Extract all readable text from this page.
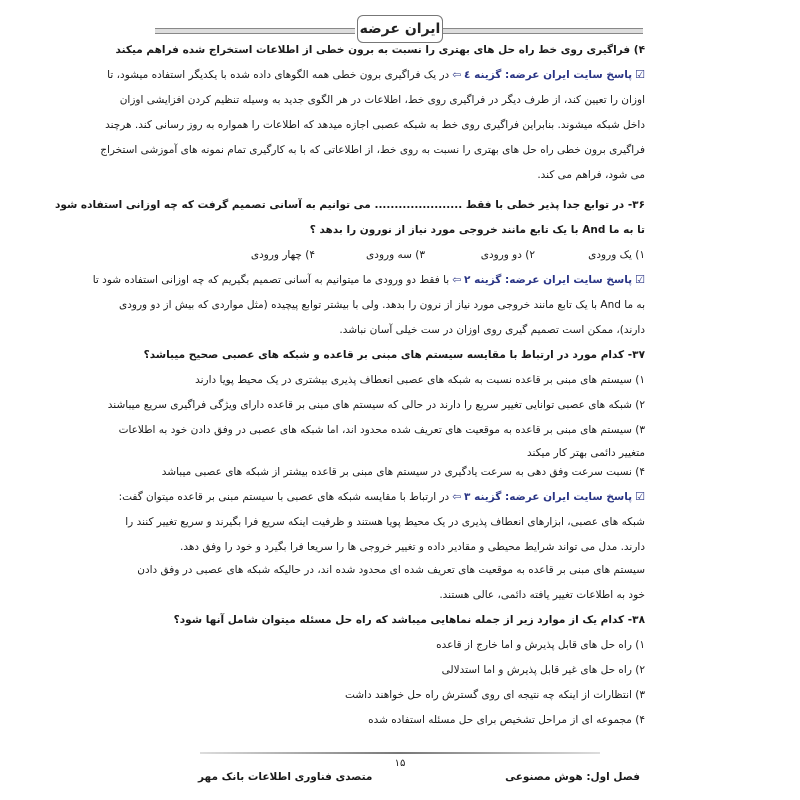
ایران عرضه
۴) فراگیری روی خط راه حل های بهتری را نسبت به برون خطی از اطلاعات استخراج شده فراهم میکند
☑پاسخ سایت ایران عرضه: گزینه ٤⇦در یک فراگیری برون خطی همه الگوهای داده شده با یکدیگر استفاده میشود، تا
اوزان را تعیین کند، از طرف دیگر در فراگیری روی خط، اطلاعات در هر الگوی جدید به وسیله تنظیم کردن افزایشی اوزان
داخل شبکه میشوند. بنابراین فراگیری روی خط به شبکه عصبی اجازه میدهد که اطلاعات را همواره به روز رسانی کند. هرچند
فراگیری برون خطی راه حل های بهتری را نسبت به روی خط، از اطلاعاتی که با به کارگیری تمام نمونه های آموزشی استخراج
می شود، فراهم می کند.
۳۶- در توابع جدا پذیر خطی با فقط ...................... می توانیم به آسانی تصمیم گرفت که چه اوزانی استفاده شود
تا به ما And با یک تابع مانند خروجی مورد نیاز از نورون را بدهد ؟
۱) یک ورودی
۲) دو ورودی
۳) سه ورودی
۴) چهار ورودی
☑پاسخ سایت ایران عرضه: گزینه ۲⇦با فقط دو ورودی ما میتوانیم به آسانی تصمیم بگیریم که چه اوزانی استفاده شود تا
به ما And با یک تابع مانند خروجی مورد نیاز از نرون را بدهد. ولی با بیشتر توابع پیچیده (مثل مواردی که بیش از دو ورودی
دارند)، ممکن است تصمیم گیری روی اوزان در ست خیلی آسان نباشد.
۳۷- کدام مورد در ارتباط با مقایسه سیستم های مبنی بر قاعده و شبکه های عصبی صحیح میباشد؟
۱) سیستم های مبنی بر قاعده نسبت به شبکه های عصبی انعطاف پذیری بیشتری در یک محیط پویا دارند
۲) شبکه های عصبی توانایی تغییر سریع را دارند در حالی که سیستم های مبنی بر قاعده دارای ویژگی فراگیری سریع میباشند
۳) سیستم های مبنی بر قاعده به موقعیت های تعریف شده محدود اند، اما شبکه های عصبی در وفق دادن خود به اطلاعات
متغییر دائمی بهتر کار میکند
۴) نسبت سرعت وفق دهی به سرعت یادگیری در سیستم های مبنی بر قاعده بیشتر از شبکه های عصبی میباشد
☑پاسخ سایت ایران عرضه: گزینه ۳⇦در ارتباط با مقایسه شبکه های عصبی با سیستم مبنی بر قاعده میتوان گفت:
شبکه های عصبی، ابزارهای انعطاف پذیری در یک محیط پویا هستند و ظرفیت اینکه سریع فرا بگیرند و سریع تغییر کنند را
دارند. مدل می تواند شرایط محیطی و مقادیر داده و تغییر خروجی ها را سریعا فرا بگیرد و خود را وفق دهد.
سیستم های مبنی بر قاعده به موقعیت های تعریف شده ای محدود شده اند، در حالیکه شبکه های عصبی در وفق دادن
خود به اطلاعات تغییر یافته دائمی، عالی هستند.
۳۸- کدام یک از موارد زیر از جمله نماهایی میباشد که راه حل مسئله میتوان شامل آنها شود؟
۱) راه حل های قابل پذیرش و اما خارج از قاعده
۲) راه حل های غیر قابل پذیرش و اما استدلالی
۳) انتظارات از اینکه چه نتیجه ای روی گسترش راه حل خواهند داشت
۴) مجموعه ای از مراحل تشخیص برای حل مسئله استفاده شده
۱۵
فصل اول: هوش مصنوعی
متصدی فناوری اطلاعات بانک مهر
